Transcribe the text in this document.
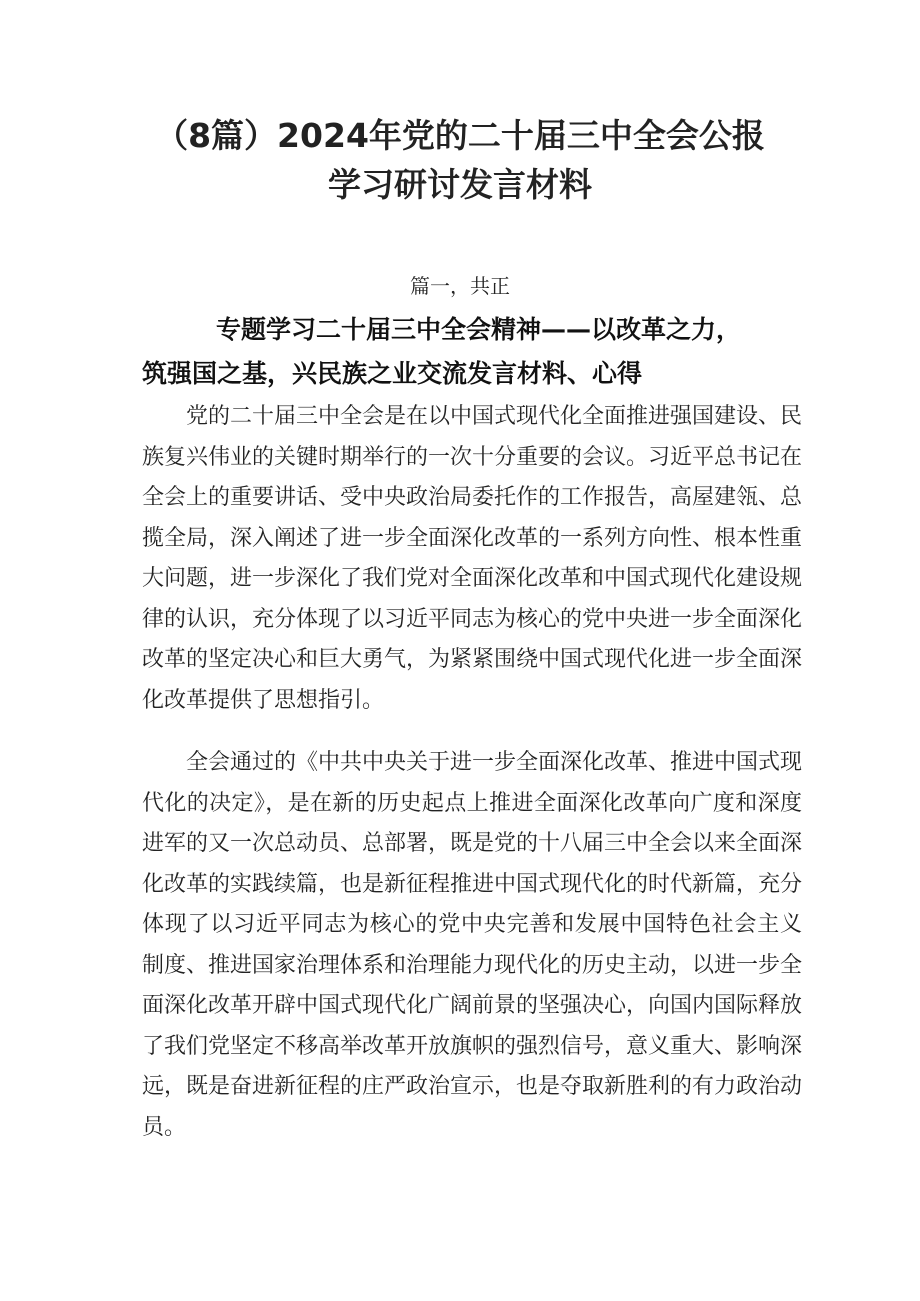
（8篇）2024年党的二十届三中全会公报
学习研讨发言材料
篇一，共正
专题学习二十届三中全会精神——以改革之力，
筑强国之基，兴民族之业交流发言材料、心得
党的二十届三中全会是在以中国式现代化全面推进强国建设、民
族复兴伟业的关键时期举行的一次十分重要的会议。习近平总书记在
全会上的重要讲话、受中央政治局委托作的工作报告，高屋建瓴、总
揽全局，深入阐述了进一步全面深化改革的一系列方向性、根本性重
大问题，进一步深化了我们党对全面深化改革和中国式现代化建设规
律的认识，充分体现了以习近平同志为核心的党中央进一步全面深化
改革的坚定决心和巨大勇气，为紧紧围绕中国式现代化进一步全面深
化改革提供了思想指引。
全会通过的《中共中央关于进一步全面深化改革、推进中国式现
代化的决定》，是在新的历史起点上推进全面深化改革向广度和深度
进军的又一次总动员、总部署，既是党的十八届三中全会以来全面深
化改革的实践续篇，也是新征程推进中国式现代化的时代新篇，充分
体现了以习近平同志为核心的党中央完善和发展中国特色社会主义
制度、推进国家治理体系和治理能力现代化的历史主动，以进一步全
面深化改革开辟中国式现代化广阔前景的坚强决心，向国内国际释放
了我们党坚定不移高举改革开放旗帜的强烈信号，意义重大、影响深
远，既是奋进新征程的庄严政治宣示，也是夺取新胜利的有力政治动
员。
